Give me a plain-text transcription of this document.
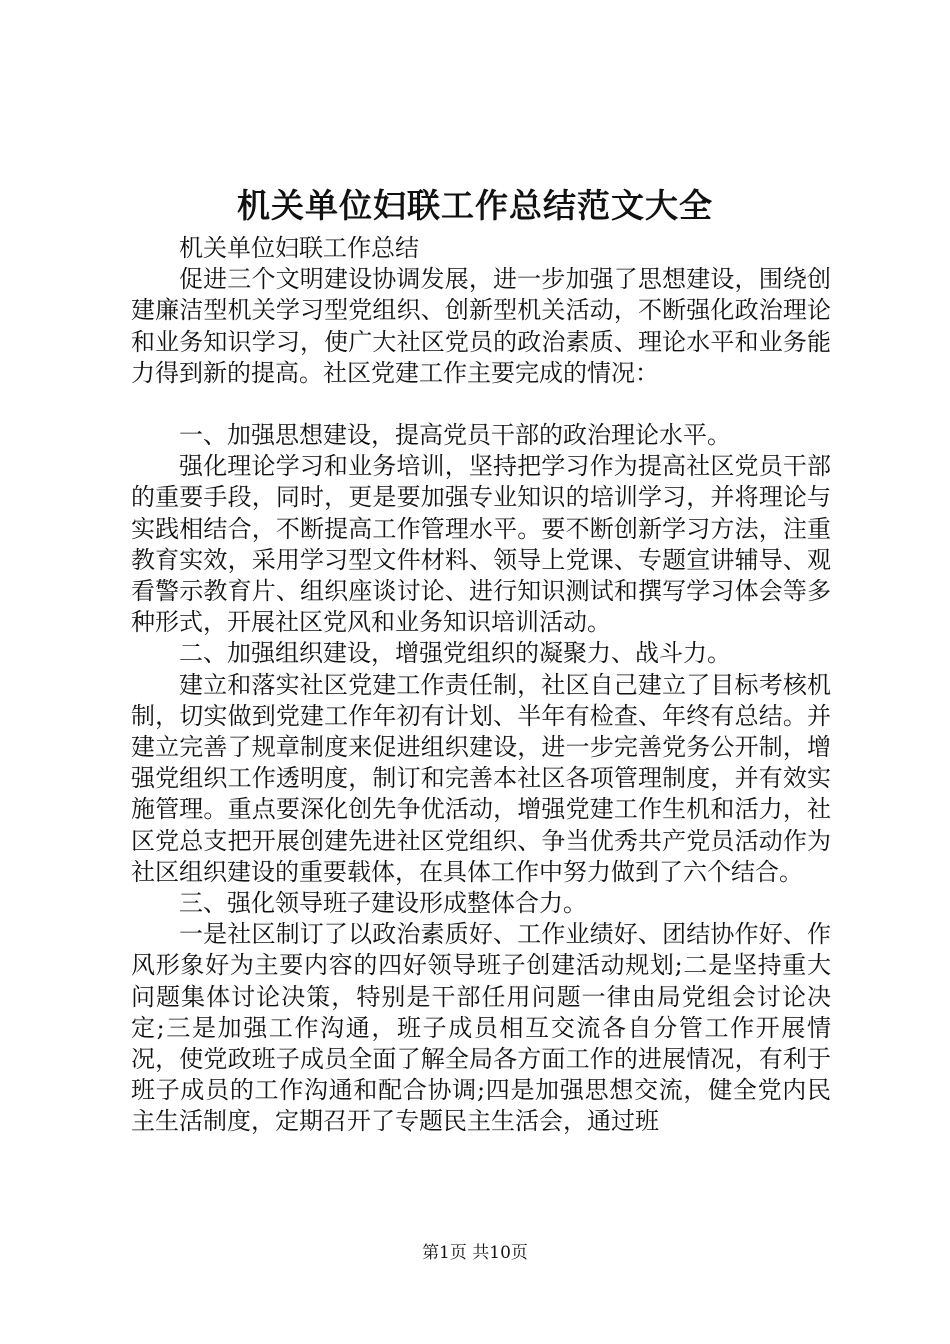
机关单位妇联工作总结范文大全

机关单位妇联工作总结

促进三个文明建设协调发展，进一步加强了思想建设，围绕创建廉洁型机关学习型党组织、创新型机关活动，不断强化政治理论和业务知识学习，使广大社区党员的政治素质、理论水平和业务能力得到新的提高。社区党建工作主要完成的情况：

一、加强思想建设，提高党员干部的政治理论水平。

强化理论学习和业务培训，坚持把学习作为提高社区党员干部的重要手段，同时，更是要加强专业知识的培训学习，并将理论与实践相结合，不断提高工作管理水平。要不断创新学习方法，注重教育实效，采用学习型文件材料、领导上党课、专题宣讲辅导、观看警示教育片、组织座谈讨论、进行知识测试和撰写学习体会等多种形式，开展社区党风和业务知识培训活动。

二、加强组织建设，增强党组织的凝聚力、战斗力。

建立和落实社区党建工作责任制，社区自己建立了目标考核机制，切实做到党建工作年初有计划、半年有检查、年终有总结。并建立完善了规章制度来促进组织建设，进一步完善党务公开制，增强党组织工作透明度，制订和完善本社区各项管理制度，并有效实施管理。重点要深化创先争优活动，增强党建工作生机和活力，社区党总支把开展创建先进社区党组织、争当优秀共产党员活动作为社区组织建设的重要载体，在具体工作中努力做到了六个结合。

三、强化领导班子建设形成整体合力。

一是社区制订了以政治素质好、工作业绩好、团结协作好、作风形象好为主要内容的四好领导班子创建活动规划;二是坚持重大问题集体讨论决策，特别是干部任用问题一律由局党组会讨论决定;三是加强工作沟通，班子成员相互交流各自分管工作开展情况，使党政班子成员全面了解全局各方面工作的进展情况，有利于班子成员的工作沟通和配合协调;四是加强思想交流，健全党内民主生活制度，定期召开了专题民主生活会，通过班

第1页 共10页
